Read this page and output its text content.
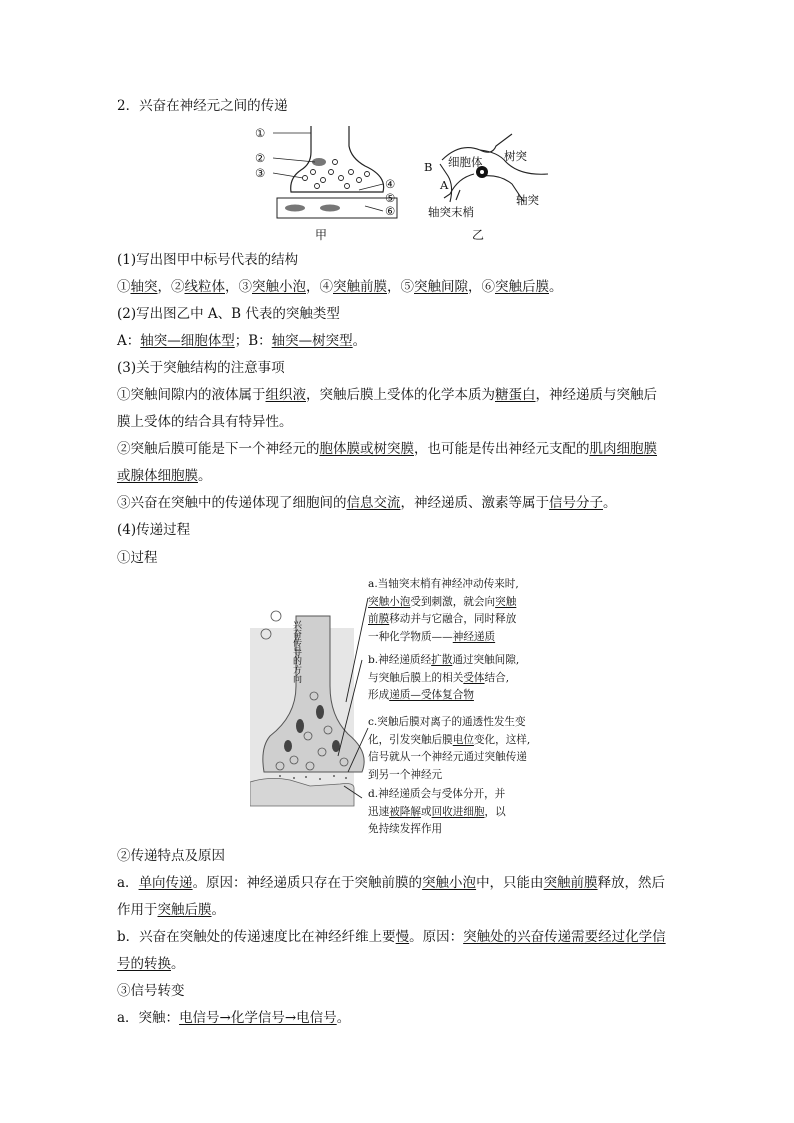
2．兴奋在神经元之间的传递
①
②
③
④
⑤
⑥
甲
B 细胞体 树突
A
轴突
轴突末梢
乙
(1)写出图甲中标号代表的结构
①轴突，②线粒体，③突触小泡，④突触前膜，⑤突触间隙，⑥突触后膜。
(2)写出图乙中 A、B 代表的突触类型
A：轴突—细胞体型；B：轴突—树突型。
(3)关于突触结构的注意事项
①突触间隙内的液体属于组织液，突触后膜上受体的化学本质为糖蛋白，神经递质与突触后
膜上受体的结合具有特异性。
②突触后膜可能是下一个神经元的胞体膜或树突膜，也可能是传出神经元支配的肌肉细胞膜
或腺体细胞膜。
③兴奋在突触中的传递体现了细胞间的信息交流，神经递质、激素等属于信号分子。
(4)传递过程
①过程
兴奋传导的方向
a.当轴突末梢有神经冲动传来时,
突触小泡受到刺激，就会向突触
前膜移动并与它融合，同时释放
一种化学物质——神经递质
b.神经递质经扩散通过突触间隙,
与突触后膜上的相关受体结合,
形成递质—受体复合物
c.突触后膜对离子的通透性发生变
化，引发突触后膜电位变化，这样,
信号就从一个神经元通过突触传递
到另一个神经元
d.神经递质会与受体分开，并
迅速被降解或回收进细胞，以
免持续发挥作用
②传递特点及原因
a．单向传递。原因：神经递质只存在于突触前膜的突触小泡中，只能由突触前膜释放，然后
作用于突触后膜。
b．兴奋在突触处的传递速度比在神经纤维上要慢。原因：突触处的兴奋传递需要经过化学信
号的转换。
③信号转变
a．突触：电信号→化学信号→电信号。
